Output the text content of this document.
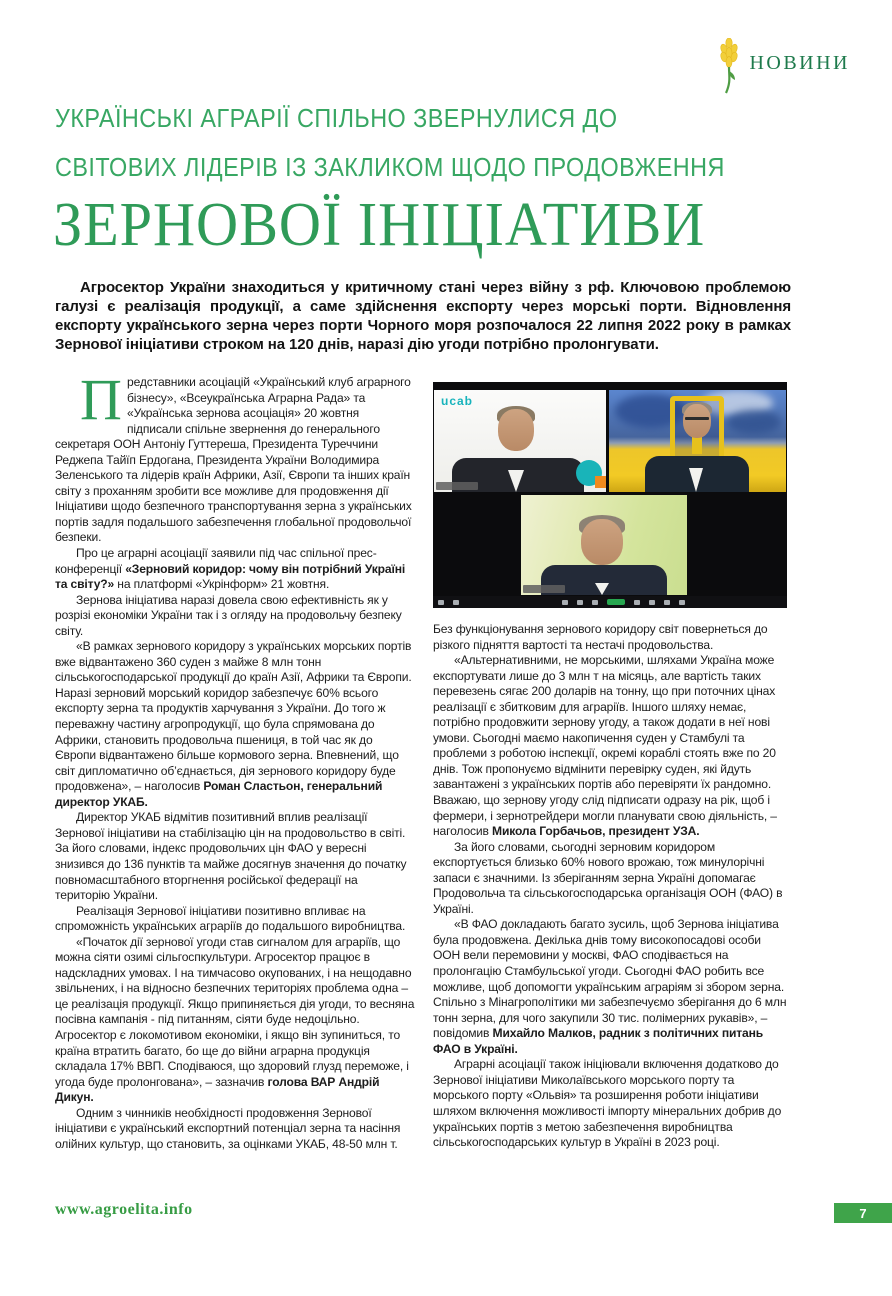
НОВИНИ
УКРАЇНСЬКІ АГРАРІЇ СПІЛЬНО ЗВЕРНУЛИСЯ ДО
СВІТОВИХ ЛІДЕРІВ ІЗ ЗАКЛИКОМ ЩОДО ПРОДОВЖЕННЯ
ЗЕРНОВОЇ ІНІЦІАТИВИ

Агросектор України знаходиться у критичному стані через війну з рф. Ключовою проблемою галузі є реалізація продукції, а саме здійснення експорту через морські порти. Відновлення експорту українського зерна через порти Чорного моря розпочалося 22 липня 2022 року в рамках Зернової ініціативи строком на 120 днів, наразі дію угоди потрібно пролонгувати.

Представники асоціацій «Український клуб аграрного бізнесу», «Всеукраїнська Аграрна Рада» та «Українська зернова асоціація» 20 жовтня підписали спільне звернення до генерального секретаря ООН Антоніу Гуттереша, Президента Туреччини Реджепа Тайїп Ердогана, Президента України Володимира Зеленського та лідерів країн Африки, Азії, Європи та інших країн світу з проханням зробити все можливе для продовження дії Ініціативи щодо безпечного транспортування зерна з українських портів задля подальшого забезпечення глобальної продовольчої безпеки.

Про це аграрні асоціації заявили під час спільної прес-конференції «Зерновий коридор: чому він потрібний Україні та світу?» на платформі «Укрінформ» 21 жовтня.

Зернова ініціатива наразі довела свою ефективність як у розрізі економіки України так і з огляду на продовольчу безпеку світу.

«В рамках зернового коридору з українських морських портів вже відвантажено 360 суден з майже 8 млн тонн сільськогосподарської продукції до країн Азії, Африки та Європи. Наразі зерновий морський коридор забезпечує 60% всього експорту зерна та продуктів харчування з України. До того ж переважну частину агропродукції, що була спрямована до Африки, становить продовольча пшениця, в той час як до Європи відвантажено більше кормового зерна. Впевнений, що світ дипломатично об’єднається, дія зернового коридору буде продовжена», – наголосив Роман Сластьон, генеральний директор УКАБ.

Директор УКАБ відмітив позитивний вплив реалізації Зернової ініціативи на стабілізацію цін на продовольство в світі. За його словами, індекс продовольчих цін ФАО у вересні знизився до 136 пунктів та майже досягнув значення до початку повномасштабного вторгнення російської федерації на територію України.

Реалізація Зернової ініціативи позитивно впливає на спроможність українських аграріїв до подальшого виробництва.

«Початок дії зернової угоди став сигналом для аграріїв, що можна сіяти озимі сільгоспкультури. Агросектор працює в надскладних умовах. І на тимчасово окупованих, і на нещодавно звільнених, і на відносно безпечних територіях проблема одна – це реалізація продукції. Якщо припиняється дія угоди, то весняна посівна кампанія - під питанням, сіяти буде недоцільно. Агросектор є локомотивом економіки, і якщо він зупиниться, то країна втратить багато, бо ще до війни аграрна продукція складала 17% ВВП. Сподіваюся, що здоровий глузд переможе, і угода буде пролонгована», – зазначив голова ВАР Андрій Дикун.

Одним з чинників необхідності продовження Зернової ініціативи є український експортний потенціал зерна та насіння олійних культур, що становить, за оцінками УКАБ, 48-50 млн т.

ucab

Без функціонування зернового коридору світ повернеться до різкого підняття вартості та нестачі продовольства.

«Альтернативними, не морськими, шляхами Україна може експортувати лише до 3 млн т на місяць, але вартість таких перевезень сягає 200 доларів на тонну, що при поточних цінах реалізації є збитковим для аграріїв. Іншого шляху немає, потрібно продовжити зернову угоду, а також додати в неї нові умови. Сьогодні маємо накопичення суден у Стамбулі та проблеми з роботою інспекції, окремі кораблі стоять вже по 20 днів. Тож пропонуємо відмінити перевірку суден, які йдуть завантажені з українських портів або перевіряти їх рандомно. Вважаю, що зернову угоду слід підписати одразу на рік, щоб і фермери, і зернотрейдери могли планувати свою діяльність, – наголосив Микола Горбачьов, президент УЗА.

За його словами, сьогодні зерновим коридором експортується близько 60% нового врожаю, тож минулорічні запаси є значними. Із зберіганням зерна Україні допомагає Продовольча та сільськогосподарська організація ООН (ФАО) в Україні.

«В ФАО докладають багато зусиль, щоб Зернова ініціатива була продовжена. Декілька днів тому високопосадові особи ООН вели перемовини у москві, ФАО сподівається на пролонгацію Стамбульської угоди. Сьогодні ФАО робить все можливе, щоб допомогти українським аграріям зі збором зерна. Спільно з Мінагрополітики ми забезпечуємо зберігання до 6 млн тонн зерна, для чого закупили 30 тис. полімерних рукавів», – повідомив Михайло Малков, радник з політичних питань ФАО в Україні.

Аграрні асоціації також ініціювали включення додатково до Зернової ініціативи Миколаївського морського порту та морського порту «Ольвія» та розширення роботи ініціативи шляхом включення можливості імпорту мінеральних добрив до українських портів з метою забезпечення виробництва сільськогосподарських культур в Україні в 2023 році.

www.agroelita.info	7
